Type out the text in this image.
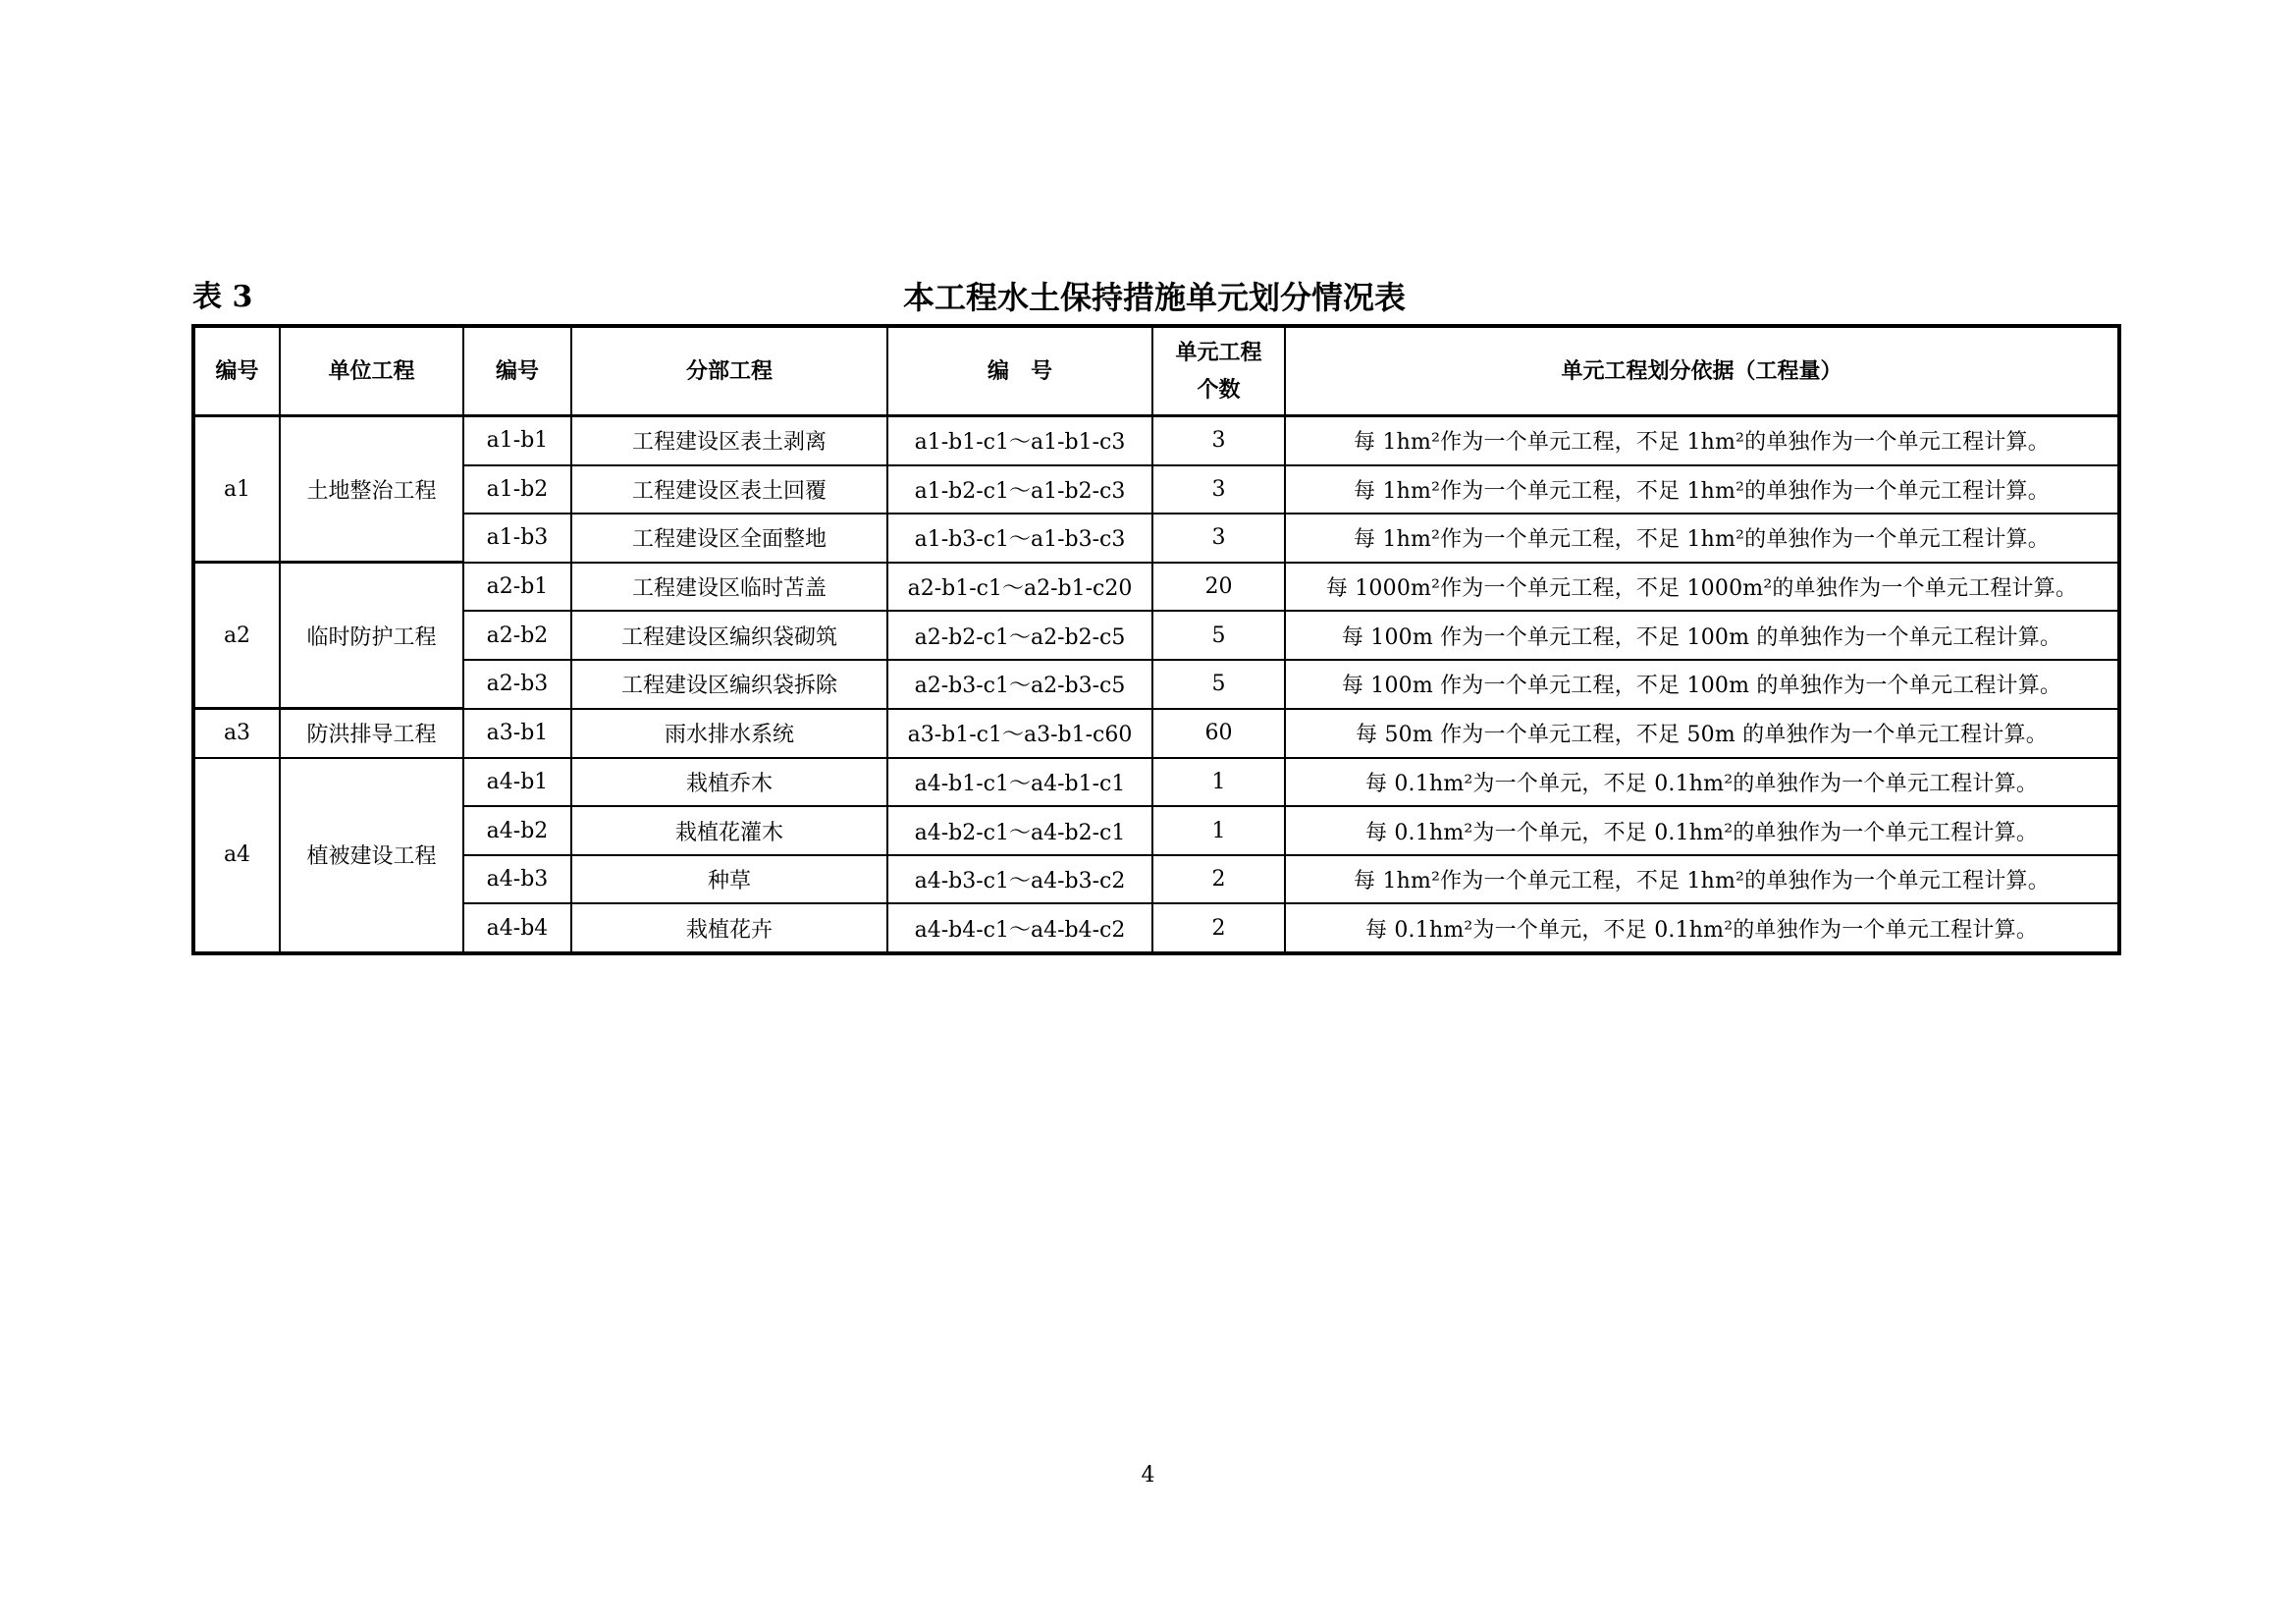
表 3	本工程水土保持措施单元划分情况表
编号	单位工程	编号	分部工程	编　号	单元工程个数	单元工程划分依据（工程量）
a1	土地整治工程	a1-b1	工程建设区表土剥离	a1-b1-c1～a1-b1-c3	3	每 1hm²作为一个单元工程，不足 1hm²的单独作为一个单元工程计算。
		a1-b2	工程建设区表土回覆	a1-b2-c1～a1-b2-c3	3	每 1hm²作为一个单元工程，不足 1hm²的单独作为一个单元工程计算。
		a1-b3	工程建设区全面整地	a1-b3-c1～a1-b3-c3	3	每 1hm²作为一个单元工程，不足 1hm²的单独作为一个单元工程计算。
a2	临时防护工程	a2-b1	工程建设区临时苫盖	a2-b1-c1～a2-b1-c20	20	每 1000m²作为一个单元工程，不足 1000m²的单独作为一个单元工程计算。
		a2-b2	工程建设区编织袋砌筑	a2-b2-c1～a2-b2-c5	5	每 100m 作为一个单元工程，不足 100m 的单独作为一个单元工程计算。
		a2-b3	工程建设区编织袋拆除	a2-b3-c1～a2-b3-c5	5	每 100m 作为一个单元工程，不足 100m 的单独作为一个单元工程计算。
a3	防洪排导工程	a3-b1	雨水排水系统	a3-b1-c1～a3-b1-c60	60	每 50m 作为一个单元工程，不足 50m 的单独作为一个单元工程计算。
a4	植被建设工程	a4-b1	栽植乔木	a4-b1-c1～a4-b1-c1	1	每 0.1hm²为一个单元，不足 0.1hm²的单独作为一个单元工程计算。
		a4-b2	栽植花灌木	a4-b2-c1～a4-b2-c1	1	每 0.1hm²为一个单元，不足 0.1hm²的单独作为一个单元工程计算。
		a4-b3	种草	a4-b3-c1～a4-b3-c2	2	每 1hm²作为一个单元工程，不足 1hm²的单独作为一个单元工程计算。
		a4-b4	栽植花卉	a4-b4-c1～a4-b4-c2	2	每 0.1hm²为一个单元，不足 0.1hm²的单独作为一个单元工程计算。
4
